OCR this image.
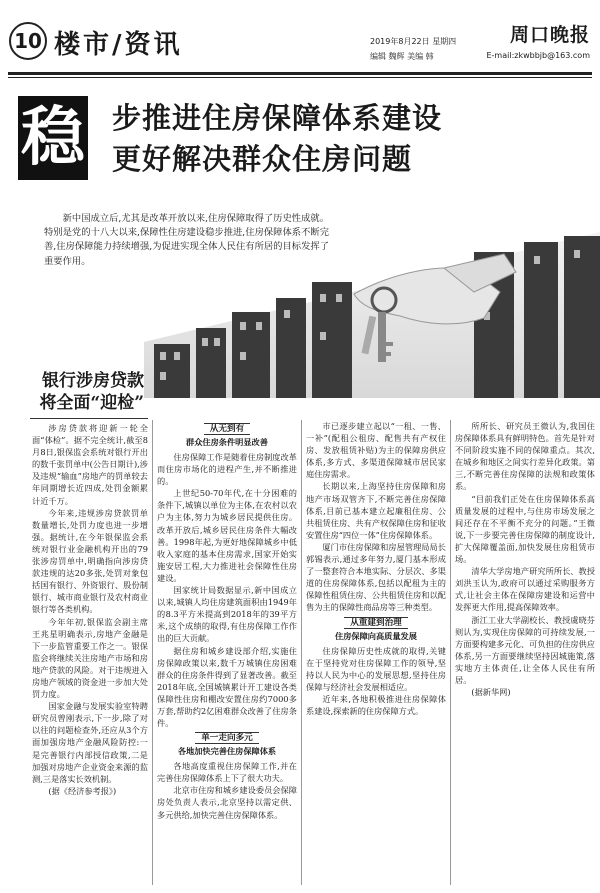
10 楼市/资讯	2019年8月22日 星期四	周口晚报
编辑 魏辉 美编 韩	E-mail:zkwbbjb@163.com
稳 步推进住房保障体系建设
更好解决群众住房问题
新中国成立后,尤其是改革开放以来,住房保障取得了历史性成就。特别是党的十八大以来,保障性住房建设稳步推进,住房保障体系不断完善,住房保障能力持续增强,为促进实现全体人民住有所居的目标发挥了重要作用。
银行涉房贷款
将全面“迎检”

涉房贷款将迎新一轮全面“体检”。据不完全统计,截至8月8日,银保监会系统对银行开出的数千张罚单中(公告日期计),涉及违规“输血”房地产的罚单较去年同期增长近四成,处罚金额累计近千万。

今年来,违规涉房贷款罚单数量增长,处罚力度也进一步增强。据统计,在今年银保监会系统对银行业金融机构开出的79张涉房罚单中,明确指向涉房贷款违规的达20多张,处罚对象包括国有银行、外资银行、股份制银行、城市商业银行及农村商业银行等各类机构。

今年年初,银保监会副主席王兆星明确表示,房地产金融是下一步监管重要工作之一。银保监会将继续关注房地产市场和房地产贷款的风险。对于违规进入房地产领域的资金进一步加大处罚力度。

国家金融与发展实验室特聘研究员曾刚表示,下一步,除了对以往的问题检查外,还应从3个方面加强房地产金融风险防控:一是完善银行内部授信政策,二是加强对房地产企业资金来源的监测,三是落实长效机制。

(据《经济参考报》)

从无到有
群众住房条件明显改善

住房保障工作是随着住房制度改革而住房市场化的进程产生,并不断推进的。

上世纪50-70年代,在十分困难的条件下,城镇以单位为主体,在农村以农户为主体,努力为城乡居民提供住房。改革开放后,城乡居民住房条件大幅改善。1998年起,为更好地保障城乡中低收入家庭的基本住房需求,国家开始实施安居工程,大力推进社会保障性住房建设。

国家统计局数据显示,新中国成立以来,城镇人均住房建筑面积由1949年的8.3平方米提高到2018年的39平方米,这个成绩的取得,有住房保障工作作出的巨大贡献。

据住房和城乡建设部介绍,实施住房保障政策以来,数千万城镇住房困难群众的住房条件得到了显著改善。截至2018年底,全国城镇累计开工建设各类保障性住房和棚改安置住房约7000多万套,帮助约2亿困难群众改善了住房条件。

单一走向多元
各地加快完善住房保障体系

各地高度重视住房保障工作,并在完善住房保障体系上下了很大功夫。

北京市住房和城乡建设委员会保障房处负责人表示,北京坚持以需定供、多元供给,加快完善住房保障体系。

市已逐步建立起以“一租、一售、一补”(配租公租房、配售共有产权住房、发放租赁补贴)为主的保障房供应体系,多方式、多渠道保障城市居民家庭住房需求。

长期以来,上海坚持住房保障和房地产市场双管齐下,不断完善住房保障体系,目前已基本建立起廉租住房、公共租赁住房、共有产权保障住房和征收安置住房“四位一体”住房保障体系。

厦门市住房保障和房屋管理局局长郭锡表示,通过多年努力,厦门基本形成了一整套符合本地实际、分层次、多渠道的住房保障体系,包括以配租为主的保障性租赁住房、公共租赁住房和以配售为主的保障性商品房等三种类型。

从重建到治理
住房保障向高质量发展

住房保障历史性成就的取得,关键在于坚持党对住房保障工作的领导,坚持以人民为中心的发展思想,坚持住房保障与经济社会发展相适应。

近年来,各地积极推进住房保障体系建设,探索新的住房保障方式。

所所长、研究员王微认为,我国住房保障体系具有鲜明特色。首先是针对不同阶段实施不同的保障重点。其次,在城乡和地区之间实行差异化政策。第三,不断完善住房保障的法规和政策体系。

“目前我们正处在住房保障体系高质量发展的过程中,与住房市场发展之间还存在不平衡不充分的问题。”王微说,下一步要完善住房保障的制度设计,扩大保障覆盖面,加快发展住房租赁市场。

清华大学房地产研究所所长、教授刘洪玉认为,政府可以通过采购服务方式,让社会主体在保障房建设和运营中发挥更大作用,提高保障效率。

浙江工业大学副校长、教授虞晓芬则认为,实现住房保障的可持续发展,一方面要构建多元化、可负担的住房供应体系,另一方面要继续坚持因城施策,落实地方主体责任,让全体人民住有所居。

(据新华网)
